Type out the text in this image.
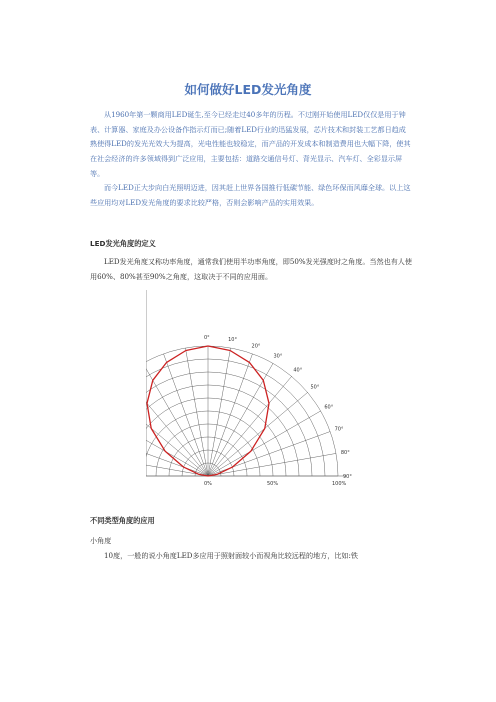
如何做好LED发光角度

从1960年第一颗商用LED诞生,至今已经走过40多年的历程。不过刚开始使用LED仅仅是用于钟表、计算器、家庭及办公设备作指示灯而已;随着LED行业的迅猛发展，芯片技术和封装工艺都日趋成熟使得LED的发光光效大为提高，光电性能也较稳定，而产品的开发成本和制造费用也大幅下降，使其在社会经济的许多领域得到广泛应用，主要包括：道路交通信号灯、背光显示、汽车灯、全彩显示屏等。

而今LED正大步向白光照明迈进，因其赶上世界各国推行低碳节能、绿色环保而风靡全球。以上这些应用均对LED发光角度的要求比较严格，否则会影响产品的实用效果。

LED发光角度的定义

LED发光角度又称功率角度，通常我们使用半功率角度，即50%发光强度时之角度。当然也有人使用60%、80%甚至90%之角度，这取决于不同的应用面。

0°	10°
20°
30°
40°
50°
60°
70°
80°
90°
0%	50%	100%
不同类型角度的应用
小角度

10度，一般的说小角度LED多应用于照射面较小而视角比较远程的地方，比如:铁
